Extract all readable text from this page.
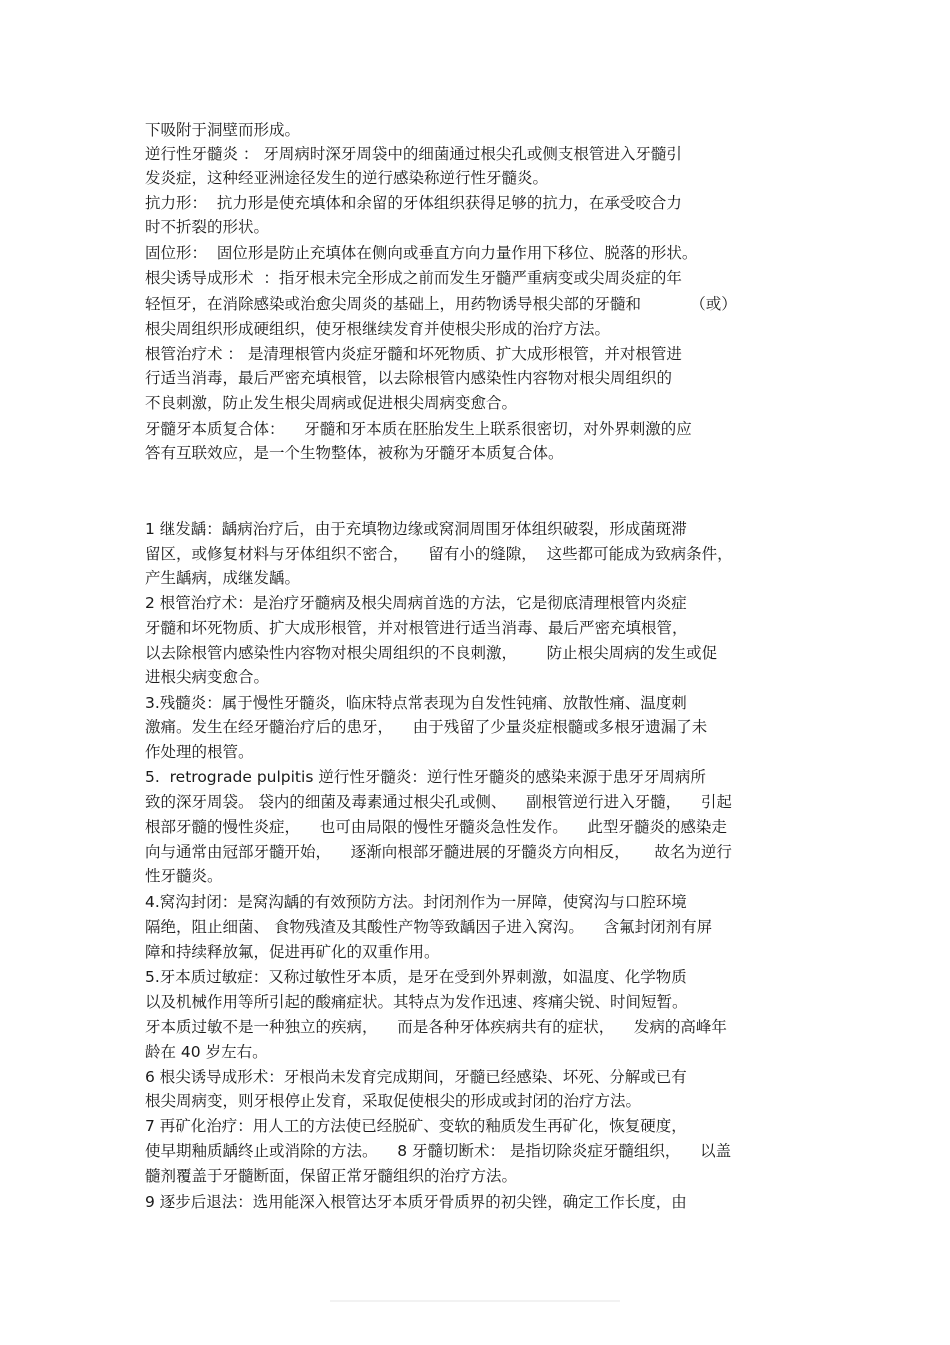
下吸附于洞壁而形成。
逆行性牙髓炎 ： 牙周病时深牙周袋中的细菌通过根尖孔或侧支根管进入牙髓引
发炎症，这种经亚洲途径发生的逆行感染称逆行性牙髓炎。
抗力形：  抗力形是使充填体和余留的牙体组织获得足够的抗力，在承受咬合力
时不折裂的形状。
固位形：  固位形是防止充填体在侧向或垂直方向力量作用下移位、脱落的形状。
根尖诱导成形术  ：指牙根未完全形成之前而发生牙髓严重病变或尖周炎症的年
轻恒牙，在消除感染或治愈尖周炎的基础上，用药物诱导根尖部的牙髓和          （或）
根尖周组织形成硬组织，使牙根继续发育并使根尖形成的治疗方法。
根管治疗术 ： 是清理根管内炎症牙髓和坏死物质、扩大成形根管，并对根管进
行适当消毒，最后严密充填根管，以去除根管内感染性内容物对根尖周组织的
不良刺激，防止发生根尖周病或促进根尖周病变愈合。
牙髓牙本质复合体：    牙髓和牙本质在胚胎发生上联系很密切，对外界刺激的应
答有互联效应，是一个生物整体，被称为牙髓牙本质复合体。
1 继发龋：龋病治疗后，由于充填物边缘或窝洞周围牙体组织破裂，形成菌斑滞
留区，或修复材料与牙体组织不密合，    留有小的缝隙，  这些都可能成为致病条件，
产生龋病，成继发龋。
2 根管治疗术：是治疗牙髓病及根尖周病首选的方法，它是彻底清理根管内炎症
牙髓和坏死物质、扩大成形根管，并对根管进行适当消毒、最后严密充填根管，
以去除根管内感染性内容物对根尖周组织的不良刺激，      防止根尖周病的发生或促
进根尖病变愈合。
3.残髓炎：属于慢性牙髓炎，临床特点常表现为自发性钝痛、放散性痛、温度刺
激痛。发生在经牙髓治疗后的患牙，    由于残留了少量炎症根髓或多根牙遗漏了未
作处理的根管。
5.  retrograde pulpitis 逆行性牙髓炎：逆行性牙髓炎的感染来源于患牙牙周病所
致的深牙周袋。 袋内的细菌及毒素通过根尖孔或侧、    副根管逆行进入牙髓，    引起
根部牙髓的慢性炎症，    也可由局限的慢性牙髓炎急性发作。    此型牙髓炎的感染走
向与通常由冠部牙髓开始，    逐渐向根部牙髓进展的牙髓炎方向相反，     故名为逆行
性牙髓炎。
4.窝沟封闭：是窝沟龋的有效预防方法。封闭剂作为一屏障，使窝沟与口腔环境
隔绝，阻止细菌、 食物残渣及其酸性产物等致龋因子进入窝沟。    含氟封闭剂有屏
障和持续释放氟，促进再矿化的双重作用。
5.牙本质过敏症：又称过敏性牙本质，是牙在受到外界刺激，如温度、化学物质
以及机械作用等所引起的酸痛症状。其特点为发作迅速、疼痛尖锐、时间短暂。
牙本质过敏不是一种独立的疾病，    而是各种牙体疾病共有的症状，    发病的高峰年
龄在 40 岁左右。
6 根尖诱导成形术：牙根尚未发育完成期间，牙髓已经感染、坏死、分解或已有
根尖周病变，则牙根停止发育，采取促使根尖的形成或封闭的治疗方法。
7 再矿化治疗：用人工的方法使已经脱矿、变软的釉质发生再矿化，恢复硬度，
使早期釉质龋终止或消除的方法。    8 牙髓切断术： 是指切除炎症牙髓组织，    以盖
髓剂覆盖于牙髓断面，保留正常牙髓组织的治疗方法。
9 逐步后退法：选用能深入根管达牙本质牙骨质界的初尖锉，确定工作长度，由
